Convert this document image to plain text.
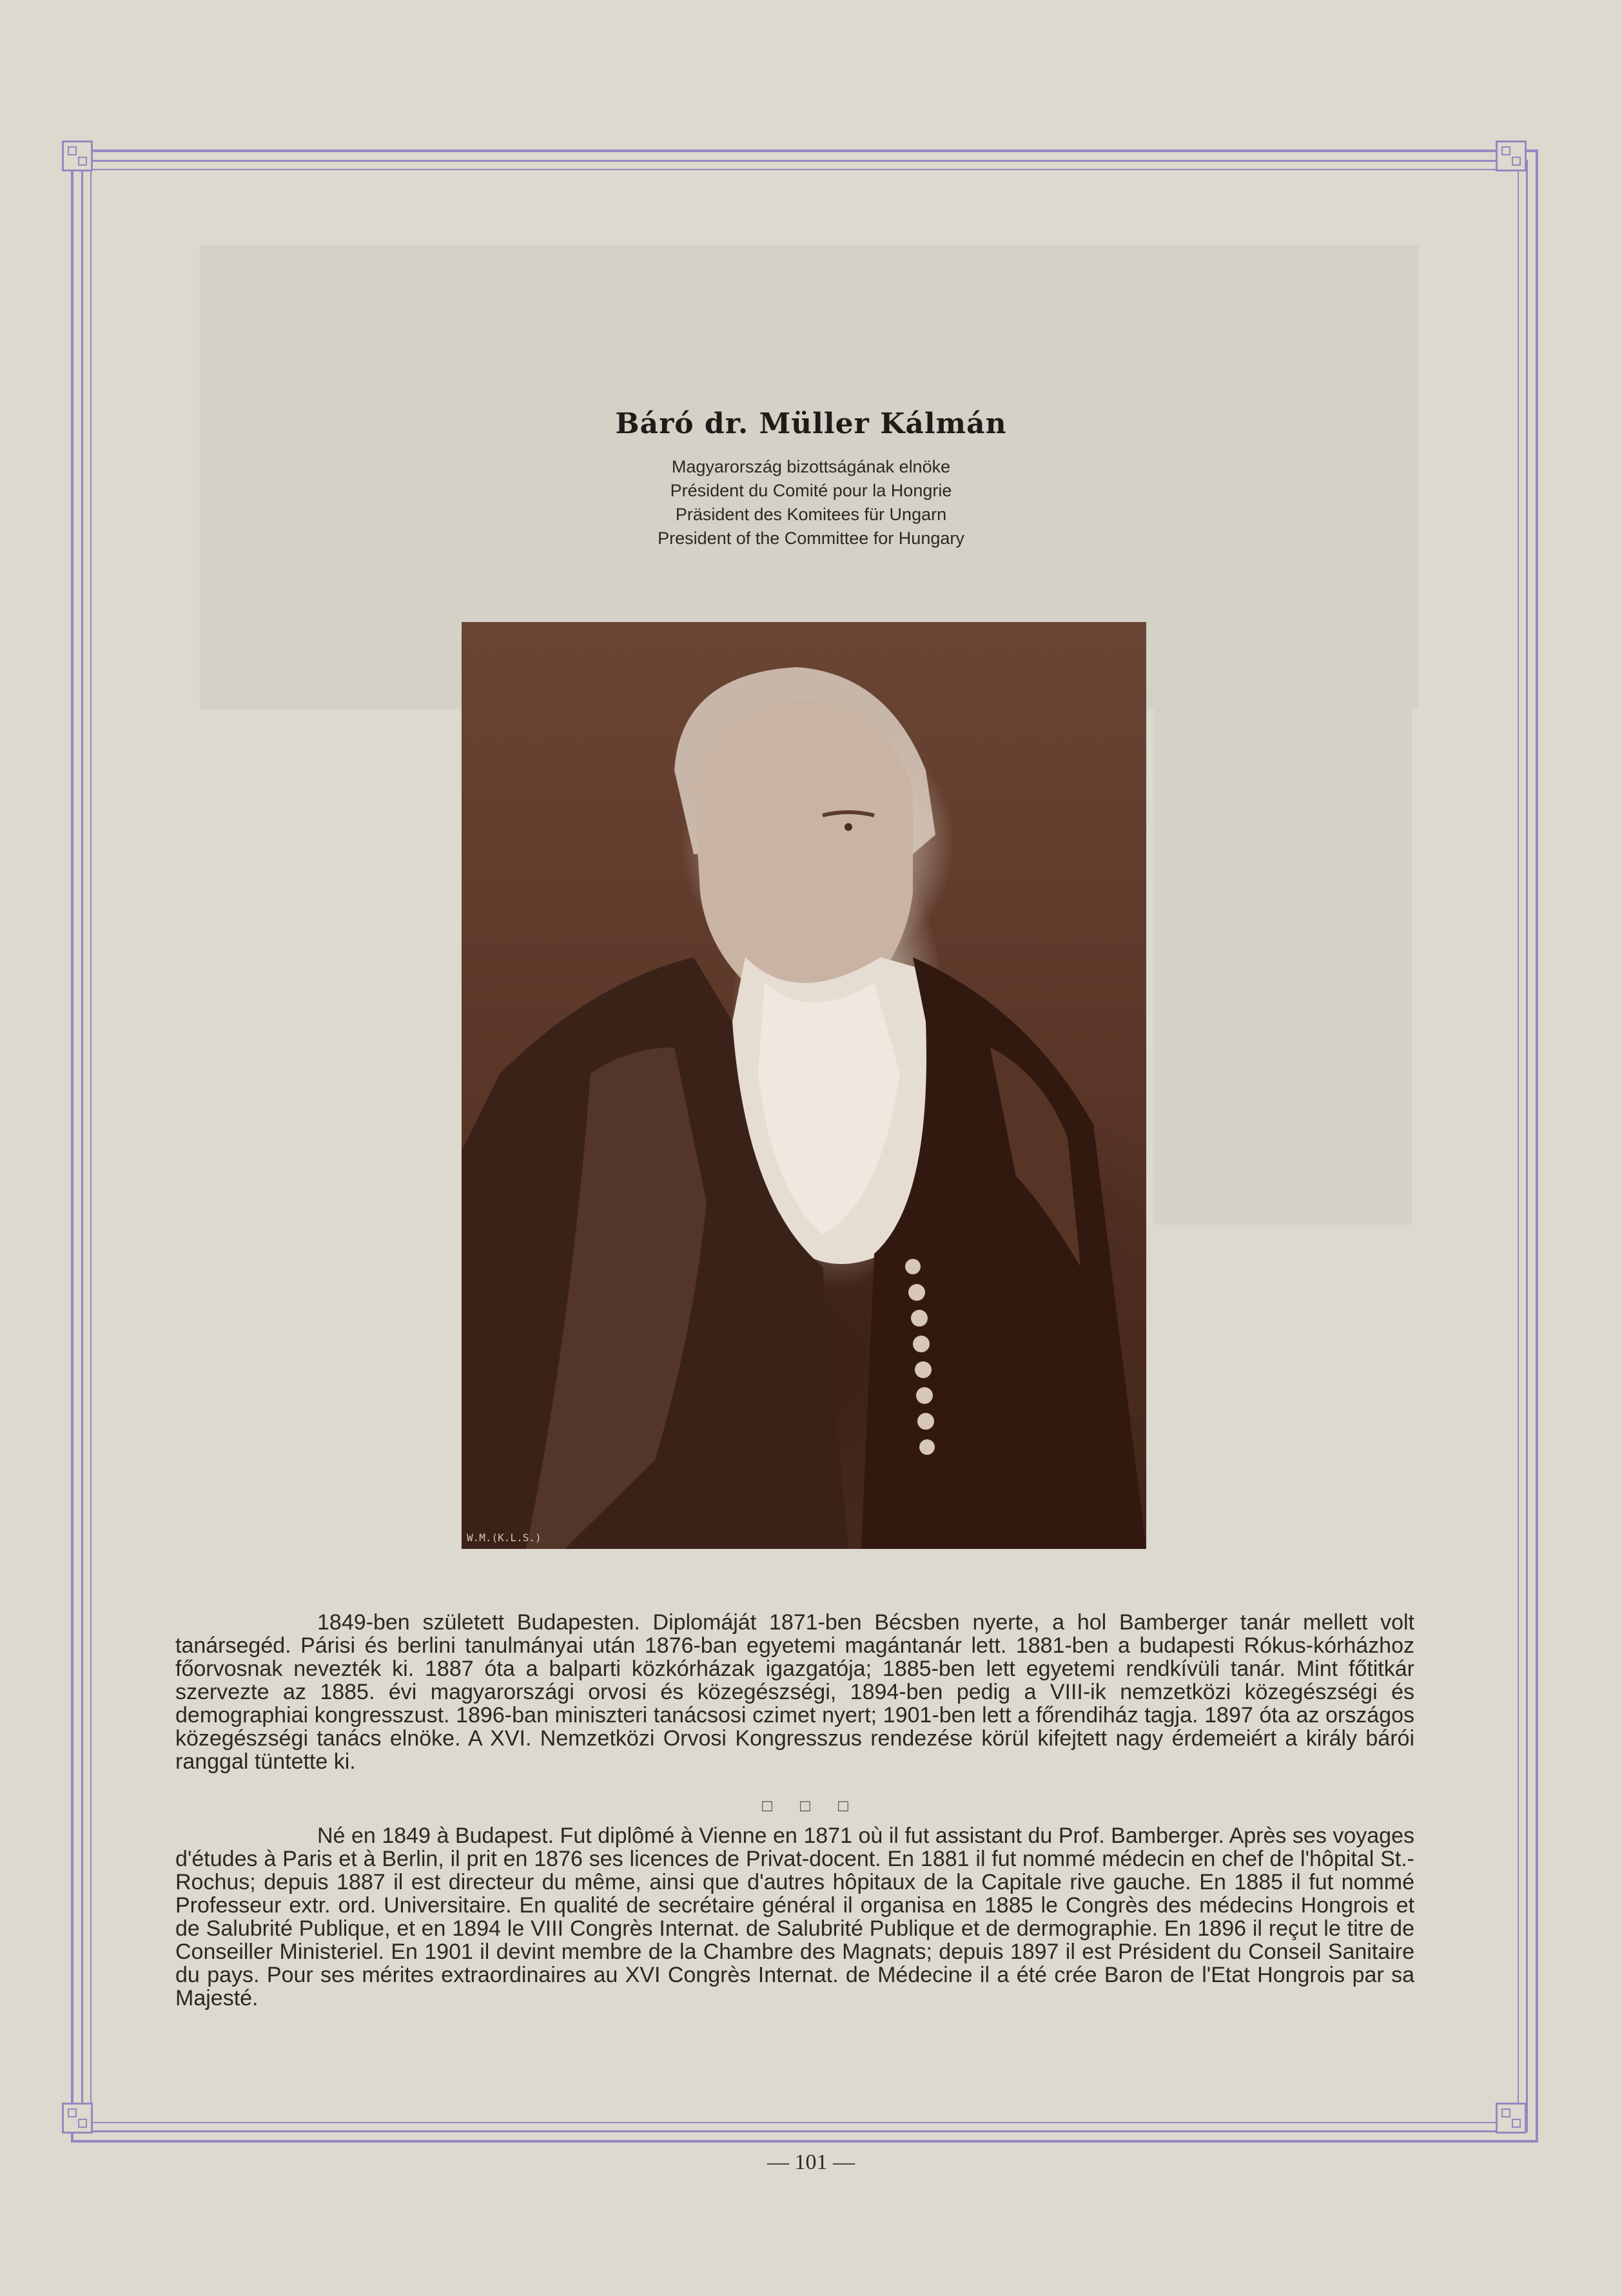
Báró dr. Müller Kálmán
Magyarország bizottságának elnöke
Président du Comité pour la Hongrie
Präsident des Komitees für Ungarn
President of the Committee for Hungary
W.M.(K.L.S.)
1849-ben született Budapesten. Diplomáját 1871-ben Bécsben nyerte, a hol Bamberger tanár mellett volt tanársegéd. Párisi és berlini tanulmányai után 1876-ban egyetemi magántanár lett. 1881-ben a budapesti Rókus-kórházhoz főorvosnak nevezték ki. 1887 óta a balparti közkórházak igazgatója; 1885-ben lett egyetemi rendkívüli tanár. Mint főtitkár szervezte az 1885. évi magyarországi orvosi és közegészségi, 1894-ben pedig a VIII-ik nemzetközi közegészségi és demographiai kongresszust. 1896-ban miniszteri tanácsosi czimet nyert; 1901-ben lett a főrendiház tagja. 1897 óta az országos közegészségi tanács elnöke. A XVI. Nemzetközi Orvosi Kongresszus rendezése körül kifejtett nagy érdemeiért a király bárói ranggal tüntette ki.
□ □ □
Né en 1849 à Budapest. Fut diplômé à Vienne en 1871 où il fut assistant du Prof. Bamberger. Après ses voyages d'études à Paris et à Berlin, il prit en 1876 ses licences de Privat-docent. En 1881 il fut nommé médecin en chef de l'hôpital St.-Rochus; depuis 1887 il est directeur du même, ainsi que d'autres hôpitaux de la Capitale rive gauche. En 1885 il fut nommé Professeur extr. ord. Universitaire. En qualité de secrétaire général il organisa en 1885 le Congrès des médecins Hongrois et de Salubrité Publique, et en 1894 le VIII Congrès Internat. de Salubrité Publique et de dermographie. En 1896 il reçut le titre de Conseiller Ministeriel. En 1901 il devint membre de la Chambre des Magnats; depuis 1897 il est Président du Conseil Sanitaire du pays. Pour ses mérites extraordinaires au XVI Congrès Internat. de Médecine il a été crée Baron de l'Etat Hongrois par sa Majesté.
— 101 —
